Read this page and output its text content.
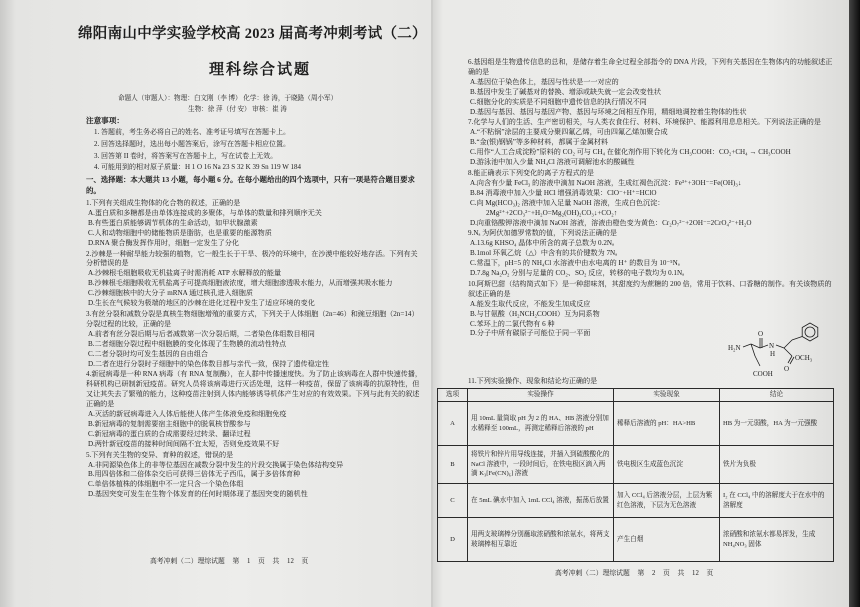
绵阳南山中学实验学校高 2023 届高考冲刺考试（二）
理科综合试题
命题人（审题人）：物理：白文刚（李 博） 化学：徐 涛，于晓路（周小军）
生物：徐 萍（付 安） 审核：崔 涛
注意事项：
1. 答题前，考生务必将自己的姓名、准考证号填写在答题卡上。
2. 回答选择题时，选出每小题答案后，涂写在答题卡相应位置。
3. 回答第 II 卷时，将答案写在答题卡上，写在试卷上无效。
4. 可能用到的相对原子质量：H 1 O 16 Na 23 S 32 K 39 Sn 119 W 184
一、选择题：本大题共 13 小题，每小题 6 分。在每小题给出的四个选项中，只有一项是符合题目要求的。
1.下列有关组成生物体的化合物的叙述，正确的是
A.蛋白质和多糖都是由单体连接成的多聚体，与单体的数量和排列顺序无关
B.有些蛋白质能够调节机体的生命活动，如甲状腺激素
C.人和动物细胞中的储能物质是脂肪，也是重要的能源物质
D.RNA 聚合酶发挥作用时，细胞一定发生了分化
2.沙棘是一种耐旱能力较强的植物，它一般生长于干旱、极冷的环境中，在沙漠中能较好地存活。下列有关分析错误的是
A.沙棘根毛细胞吸收无机盐离子时需消耗 ATP 水解释放的能量
B.沙棘根毛细胞吸收无机盐离子可提高细胞液浓度，增大细胞渗透吸水能力，从而增强其吸水能力
C.沙棘细胞核中的大分子 mRNA 通过核孔进入细胞质
D.生长在气候较为极端的地区的沙棘在进化过程中发生了适应环境的变化
3.有丝分裂和减数分裂是真核生物细胞增殖的重要方式，下列关于人体细胞（2n=46）和豌豆细胞（2n=14）分裂过程的比较，正确的是
A.前者有丝分裂后期与后者减数第一次分裂后期，二者染色体组数目相同
B.二者细胞分裂过程中细胞膜的变化体现了生物膜的流动性特点
C.二者分裂时均可发生基因的自由组合
D.二者在进行分裂时子细胞中的染色体数目都与亲代一致，保持了遗传稳定性
4.新冠病毒是一种 RNA 病毒（有 RNA 复制酶），在人群中传播速度快。为了防止该病毒在人群中快速传播，科研机构已研制新冠疫苗。研究人员将该病毒进行灭活处理，这样一种疫苗，保留了该病毒的抗原特性，但又让其失去了繁殖的能力，这种疫苗注射到人体内能够诱导机体产生对应的有效效果。下列与此有关的叙述正确的是
A.灭活的新冠病毒进入人体后能使人体产生体液免疫和细胞免疫
B.新冠病毒的复制需要宿主细胞中的脱氧核苷酸参与
C.新冠病毒的蛋白质的合成需要经过转录、翻译过程
D.两针新冠疫苗的接种时间间隔不宜太短，否则免疫效果不好
5.下列有关生物的变异、育种的叙述，错误的是
A.非同源染色体上的非等位基因在减数分裂中发生的片段交换属于染色体结构变异
B.用四倍体和二倍体杂交后可获得三倍体无子西瓜，属于多倍体育种
C.单倍体植株的体细胞中不一定只含一个染色体组
D.基因突变可发生在生物个体发育的任何时期体现了基因突变的随机性
高考冲刺（二）理综试题 第 1 页 共 12 页
6.基因组是生物遗传信息的总和，是储存着生命全过程全部指令的 DNA 片段，下列有关基因在生物体内的功能叙述正确的是
A.基因位于染色体上，基因与性状是一一对应的
B.基因中发生了碱基对的替换、增添或缺失就一定会改变性状
C.细胞分化的实质是不同细胞中遗传信息的执行情况不同
D.基因与基因、基因与基因产物、基因与环境之间相互作用，精细地调控着生物体的性状
7.化学与人们的生活、生产密切相关，与人类衣食住行、材料、环境保护、能源利用息息相关。下列说法正确的是
A.“不粘锅”涂层的主要成分聚四氟乙烯，可由四氟乙烯加聚合成
B.“金(银)钢锅”等多种材料，都属于金属材料
C.用作“人工合成淀粉”原料的 CO₂ 可与 CH₄ 在催化剂作用下转化为 CH₃COOH：CO₂+CH₄ → CH₃COOH
D.游泳池中加入少量 NH₄Cl 溶液可调解池水的酸碱性
8.能正确表示下列变化的离子方程式的是
A.向含有少量 FeCl₃ 的溶液中滴加 NaOH 溶液，生成红褐色沉淀：Fe³⁺+3OH⁻=Fe(OH)₃↓
B.84 消毒液中加入少量 HCl 增强消毒效果：ClO⁻+H⁺=HClO
C.向 Mg(HCO₃)₂ 溶液中加入足量 NaOH 溶液，生成白色沉淀：
2Mg²⁺+2CO₃²⁻+H₂O=Mg₂(OH)₂CO₃↓+CO₂↑
D.向重铬酸钾溶液中滴加 NaOH 溶液，溶液由橙色变为黄色：Cr₂O₇²⁻+2OH⁻=2CrO₄²⁻+H₂O
9.Nₐ 为阿伏加德罗常数的值，下列说法正确的是
A.13.6g KHSO₄ 晶体中所含的离子总数为 0.2Nₐ
B.1mol 环氧乙烷（△）中含有的共价键数为 7Nₐ
C.常温下，pH=5 的 NH₄Cl 水溶液中由水电离的 H⁺ 的数目为 10⁻⁵Nₐ
D.7.8g Na₂O₂ 分别与足量的 CO₂、SO₂ 反应，转移的电子数均为 0.1Nₐ
10.阿斯巴甜（结构简式如下）是一种甜味剂，其甜度约为蔗糖的 200 倍，常用于饮料、口香糖的制作。有关该物质的叙述正确的是
A.能发生取代反应，不能发生加成反应
B.与甘氨酸（H₂NCH₂COOH）互为同系物
C.苯环上的二氯代物有 6 种
D.分子中所有碳原子可能位于同一平面
H₂N
O
N
H
O
OCH₃
COOH
11.下列实验操作、现象和结论均正确的是
选项	实验操作	实验现象	结论
A	用 10mL 量筒取 pH 为 2 的 HA、HB 溶液分别加水稀释至 100mL，再测定稀释后溶液的 pH	稀释后溶液的 pH：HA>HB	HB 为一元弱酸，HA 为一元强酸
B	将铁片和锌片用导线连接，并插入到硫酸酸化的 NaCl 溶液中，一段时间后，在铁电极区滴入两滴 K₃[Fe(CN)₆] 溶液	铁电极区生成蓝色沉淀	铁片为负极
C	在 5mL 碘水中加入 1mL CCl₄ 溶液，振荡后放置	加入 CCl₄ 后溶液分层，上层为紫红色溶液，下层为无色溶液	I₂ 在 CCl₄ 中的溶解度大于在水中的溶解度
D	用两支玻璃棒分别蘸取浓硝酸和浓氨水，将两支玻璃棒相互靠近	产生白烟	浓硝酸和浓氨水都易挥发，生成 NH₄NO₃ 固体
高考冲刺（二）理综试题 第 2 页 共 12 页
